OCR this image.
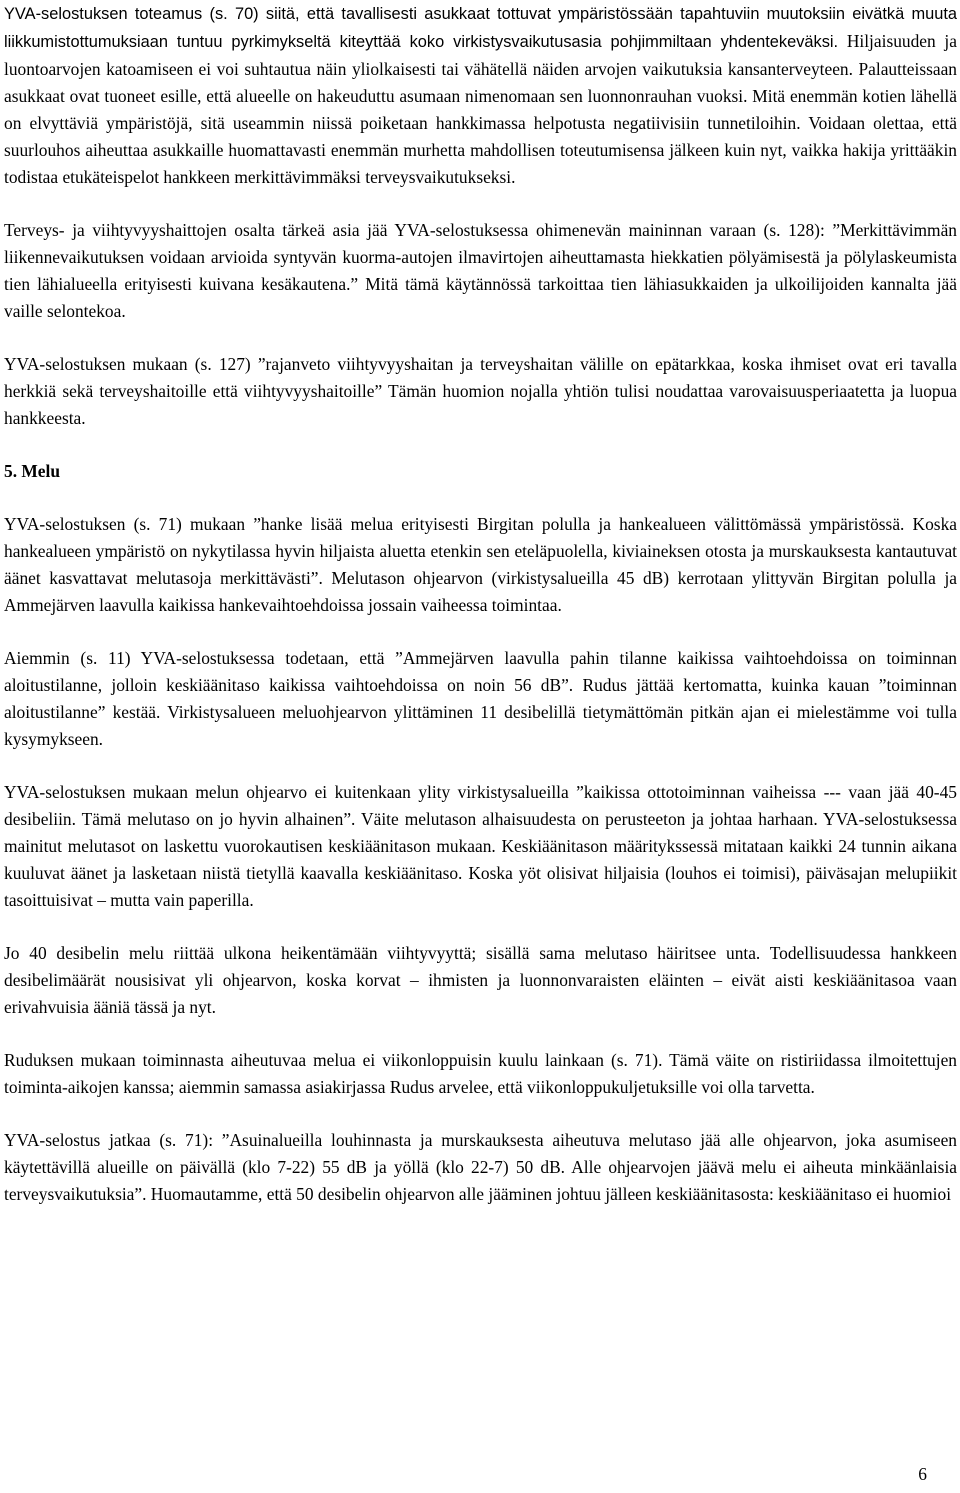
YVA-selostuksen toteamus (s. 70) siitä, että tavallisesti asukkaat tottuvat ympäristössään tapahtuviin muutoksiin eivätkä muuta liikkumistottumuksiaan tuntuu pyrkimykseltä kiteyttää koko virkistysvaikutusasia pohjimmiltaan yhdentekeväksi. Hiljaisuuden ja luontoarvojen katoamiseen ei voi suhtautua näin yliolkaisesti tai vähätellä näiden arvojen vaikutuksia kansanterveyteen. Palautteissaan asukkaat ovat tuoneet esille, että alueelle on hakeuduttu asumaan nimenomaan sen luonnonrauhan vuoksi. Mitä enemmän kotien lähellä on elvyttäviä ympäristöjä, sitä useammin niissä poiketaan hankkimassa helpotusta negatiivisiin tunnetiloihin. Voidaan olettaa, että suurlouhos aiheuttaa asukkaille huomattavasti enemmän murhetta mahdollisen toteutumisensa jälkeen kuin nyt, vaikka hakija yrittääkin todistaa etukäteispelot hankkeen merkittävimmäksi terveysvaikutukseksi.

Terveys- ja viihtyvyyshaittojen osalta tärkeä asia jää YVA-selostuksessa ohimenevän maininnan varaan (s. 128): ”Merkittävimmän liikennevaikutuksen voidaan arvioida syntyvän kuorma-autojen ilmavirtojen aiheuttamasta hiekkatien pölyämisestä ja pölylaskeumista tien lähialueella erityisesti kuivana kesäkautena.” Mitä tämä käytännössä tarkoittaa tien lähiasukkaiden ja ulkoilijoiden kannalta jää vaille selontekoa.

YVA-selostuksen mukaan (s. 127) ”rajanveto viihtyvyyshaitan ja terveyshaitan välille on epätarkkaa, koska ihmiset ovat eri tavalla herkkiä sekä terveyshaitoille että viihtyvyyshaitoille” Tämän huomion nojalla yhtiön tulisi noudattaa varovaisuusperiaatetta ja luopua hankkeesta.

5. Melu

YVA-selostuksen (s. 71) mukaan ”hanke lisää melua erityisesti Birgitan polulla ja hankealueen välittömässä ympäristössä. Koska hankealueen ympäristö on nykytilassa hyvin hiljaista aluetta etenkin sen eteläpuolella, kiviaineksen otosta ja murskauksesta kantautuvat äänet kasvattavat melutasoja merkittävästi”. Melutason ohjearvon (virkistysalueilla 45 dB) kerrotaan ylittyvän Birgitan polulla ja Ammejärven laavulla kaikissa hankevaihtoehdoissa jossain vaiheessa toimintaa.

Aiemmin (s. 11) YVA-selostuksessa todetaan, että ”Ammejärven laavulla pahin tilanne kaikissa vaihtoehdoissa on toiminnan aloitustilanne, jolloin keskiäänitaso kaikissa vaihtoehdoissa on noin 56 dB”. Rudus jättää kertomatta, kuinka kauan ”toiminnan aloitustilanne” kestää. Virkistysalueen meluohjearvon ylittäminen 11 desibelillä tietymättömän pitkän ajan ei mielestämme voi tulla kysymykseen.

YVA-selostuksen mukaan melun ohjearvo ei kuitenkaan ylity virkistysalueilla ”kaikissa ottotoiminnan vaiheissa --- vaan jää 40-45 desibeliin. Tämä melutaso on jo hyvin alhainen”. Väite melutason alhaisuudesta on perusteeton ja johtaa harhaan. YVA-selostuksessa mainitut melutasot on laskettu vuorokautisen keskiäänitason mukaan. Keskiäänitason määritykssessä mitataan kaikki 24 tunnin aikana kuuluvat äänet ja lasketaan niistä tietyllä kaavalla keskiäänitaso. Koska yöt olisivat hiljaisia (louhos ei toimisi), päiväsajan melupiikit tasoittuisivat – mutta vain paperilla.

Jo 40 desibelin melu riittää ulkona heikentämään viihtyvyyttä; sisällä sama melutaso häiritsee unta. Todellisuudessa hankkeen desibelimäärät nousisivat yli ohjearvon, koska korvat – ihmisten ja luonnonvaraisten eläinten – eivät aisti keskiäänitasoa vaan erivahvuisia ääniä tässä ja nyt.

Ruduksen mukaan toiminnasta aiheutuvaa melua ei viikonloppuisin kuulu lainkaan (s. 71). Tämä väite on ristiriidassa ilmoitettujen toiminta-aikojen kanssa; aiemmin samassa asiakirjassa Rudus arvelee, että viikonloppukuljetuksille voi olla tarvetta.

YVA-selostus jatkaa (s. 71): ”Asuinalueilla louhinnasta ja murskauksesta aiheutuva melutaso jää alle ohjearvon, joka asumiseen käytettävillä alueille on päivällä (klo 7-22) 55 dB ja yöllä (klo 22-7) 50 dB. Alle ohjearvojen jäävä melu ei aiheuta minkäänlaisia terveysvaikutuksia”. Huomautamme, että 50 desibelin ohjearvon alle jääminen johtuu jälleen keskiäänitasosta: keskiäänitaso ei huomioi

6
